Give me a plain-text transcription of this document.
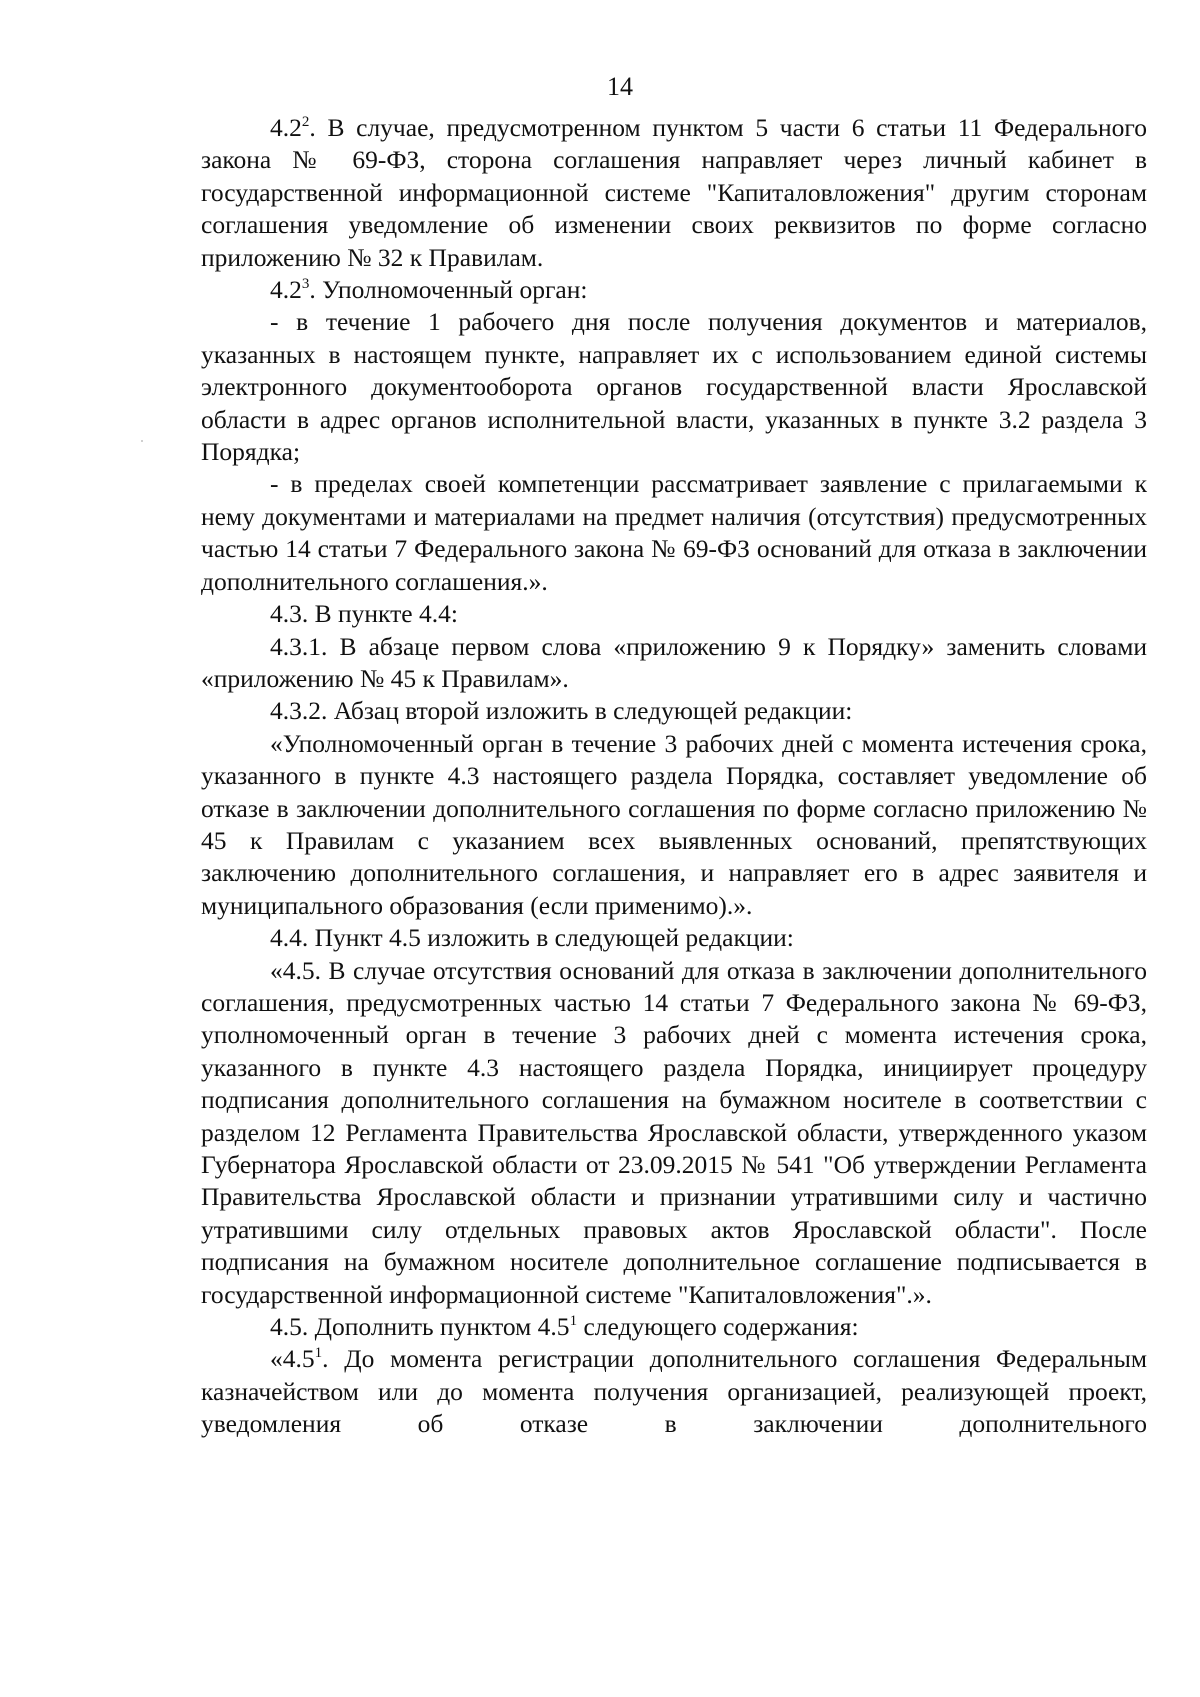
14

$4.2^2$. В случае, предусмотренном пунктом 5 части 6 статьи 11 Федерального закона № 69-ФЗ, сторона соглашения направляет через личный кабинет в государственной информационной системе "Капиталовложения" другим сторонам соглашения уведомление об изменении своих реквизитов по форме согласно приложению № 32 к Правилам.

$4.2^3$. Уполномоченный орган:

- в течение 1 рабочего дня после получения документов и материалов, указанных в настоящем пункте, направляет их с использованием единой системы электронного документооборота органов государственной власти Ярославской области в адрес органов исполнительной власти, указанных в пункте 3.2 раздела 3 Порядка;

- в пределах своей компетенции рассматривает заявление с прилагаемыми к нему документами и материалами на предмет наличия (отсутствия) предусмотренных частью 14 статьи 7 Федерального закона № 69-ФЗ оснований для отказа в заключении дополнительного соглашения.».

4.3. В пункте 4.4:

4.3.1. В абзаце первом слова «приложению 9 к Порядку» заменить словами «приложению № 45 к Правилам».

4.3.2. Абзац второй изложить в следующей редакции:

«Уполномоченный орган в течение 3 рабочих дней с момента истечения срока, указанного в пункте 4.3 настоящего раздела Порядка, составляет уведомление об отказе в заключении дополнительного соглашения по форме согласно приложению № 45 к Правилам с указанием всех выявленных оснований, препятствующих заключению дополнительного соглашения, и направляет его в адрес заявителя и муниципального образования (если применимо).».

4.4. Пункт 4.5 изложить в следующей редакции:

«4.5. В случае отсутствия оснований для отказа в заключении дополнительного соглашения, предусмотренных частью 14 статьи 7 Федерального закона № 69-ФЗ, уполномоченный орган в течение 3 рабочих дней с момента истечения срока, указанного в пункте 4.3 настоящего раздела Порядка, инициирует процедуру подписания дополнительного соглашения на бумажном носителе в соответствии с разделом 12 Регламента Правительства Ярославской области, утвержденного указом Губернатора Ярославской области от 23.09.2015 № 541 "Об утверждении Регламента Правительства Ярославской области и признании утратившими силу и частично утратившими силу отдельных правовых актов Ярославской области". После подписания на бумажном носителе дополнительное соглашение подписывается в государственной информационной системе "Капиталовложения".».

4.5. Дополнить пунктом $4.5^1$ следующего содержания:

«$4.5^1$. До момента регистрации дополнительного соглашения Федеральным казначейством или до момента получения организацией, реализующей проект, уведомления об отказе в заключении дополнительного
